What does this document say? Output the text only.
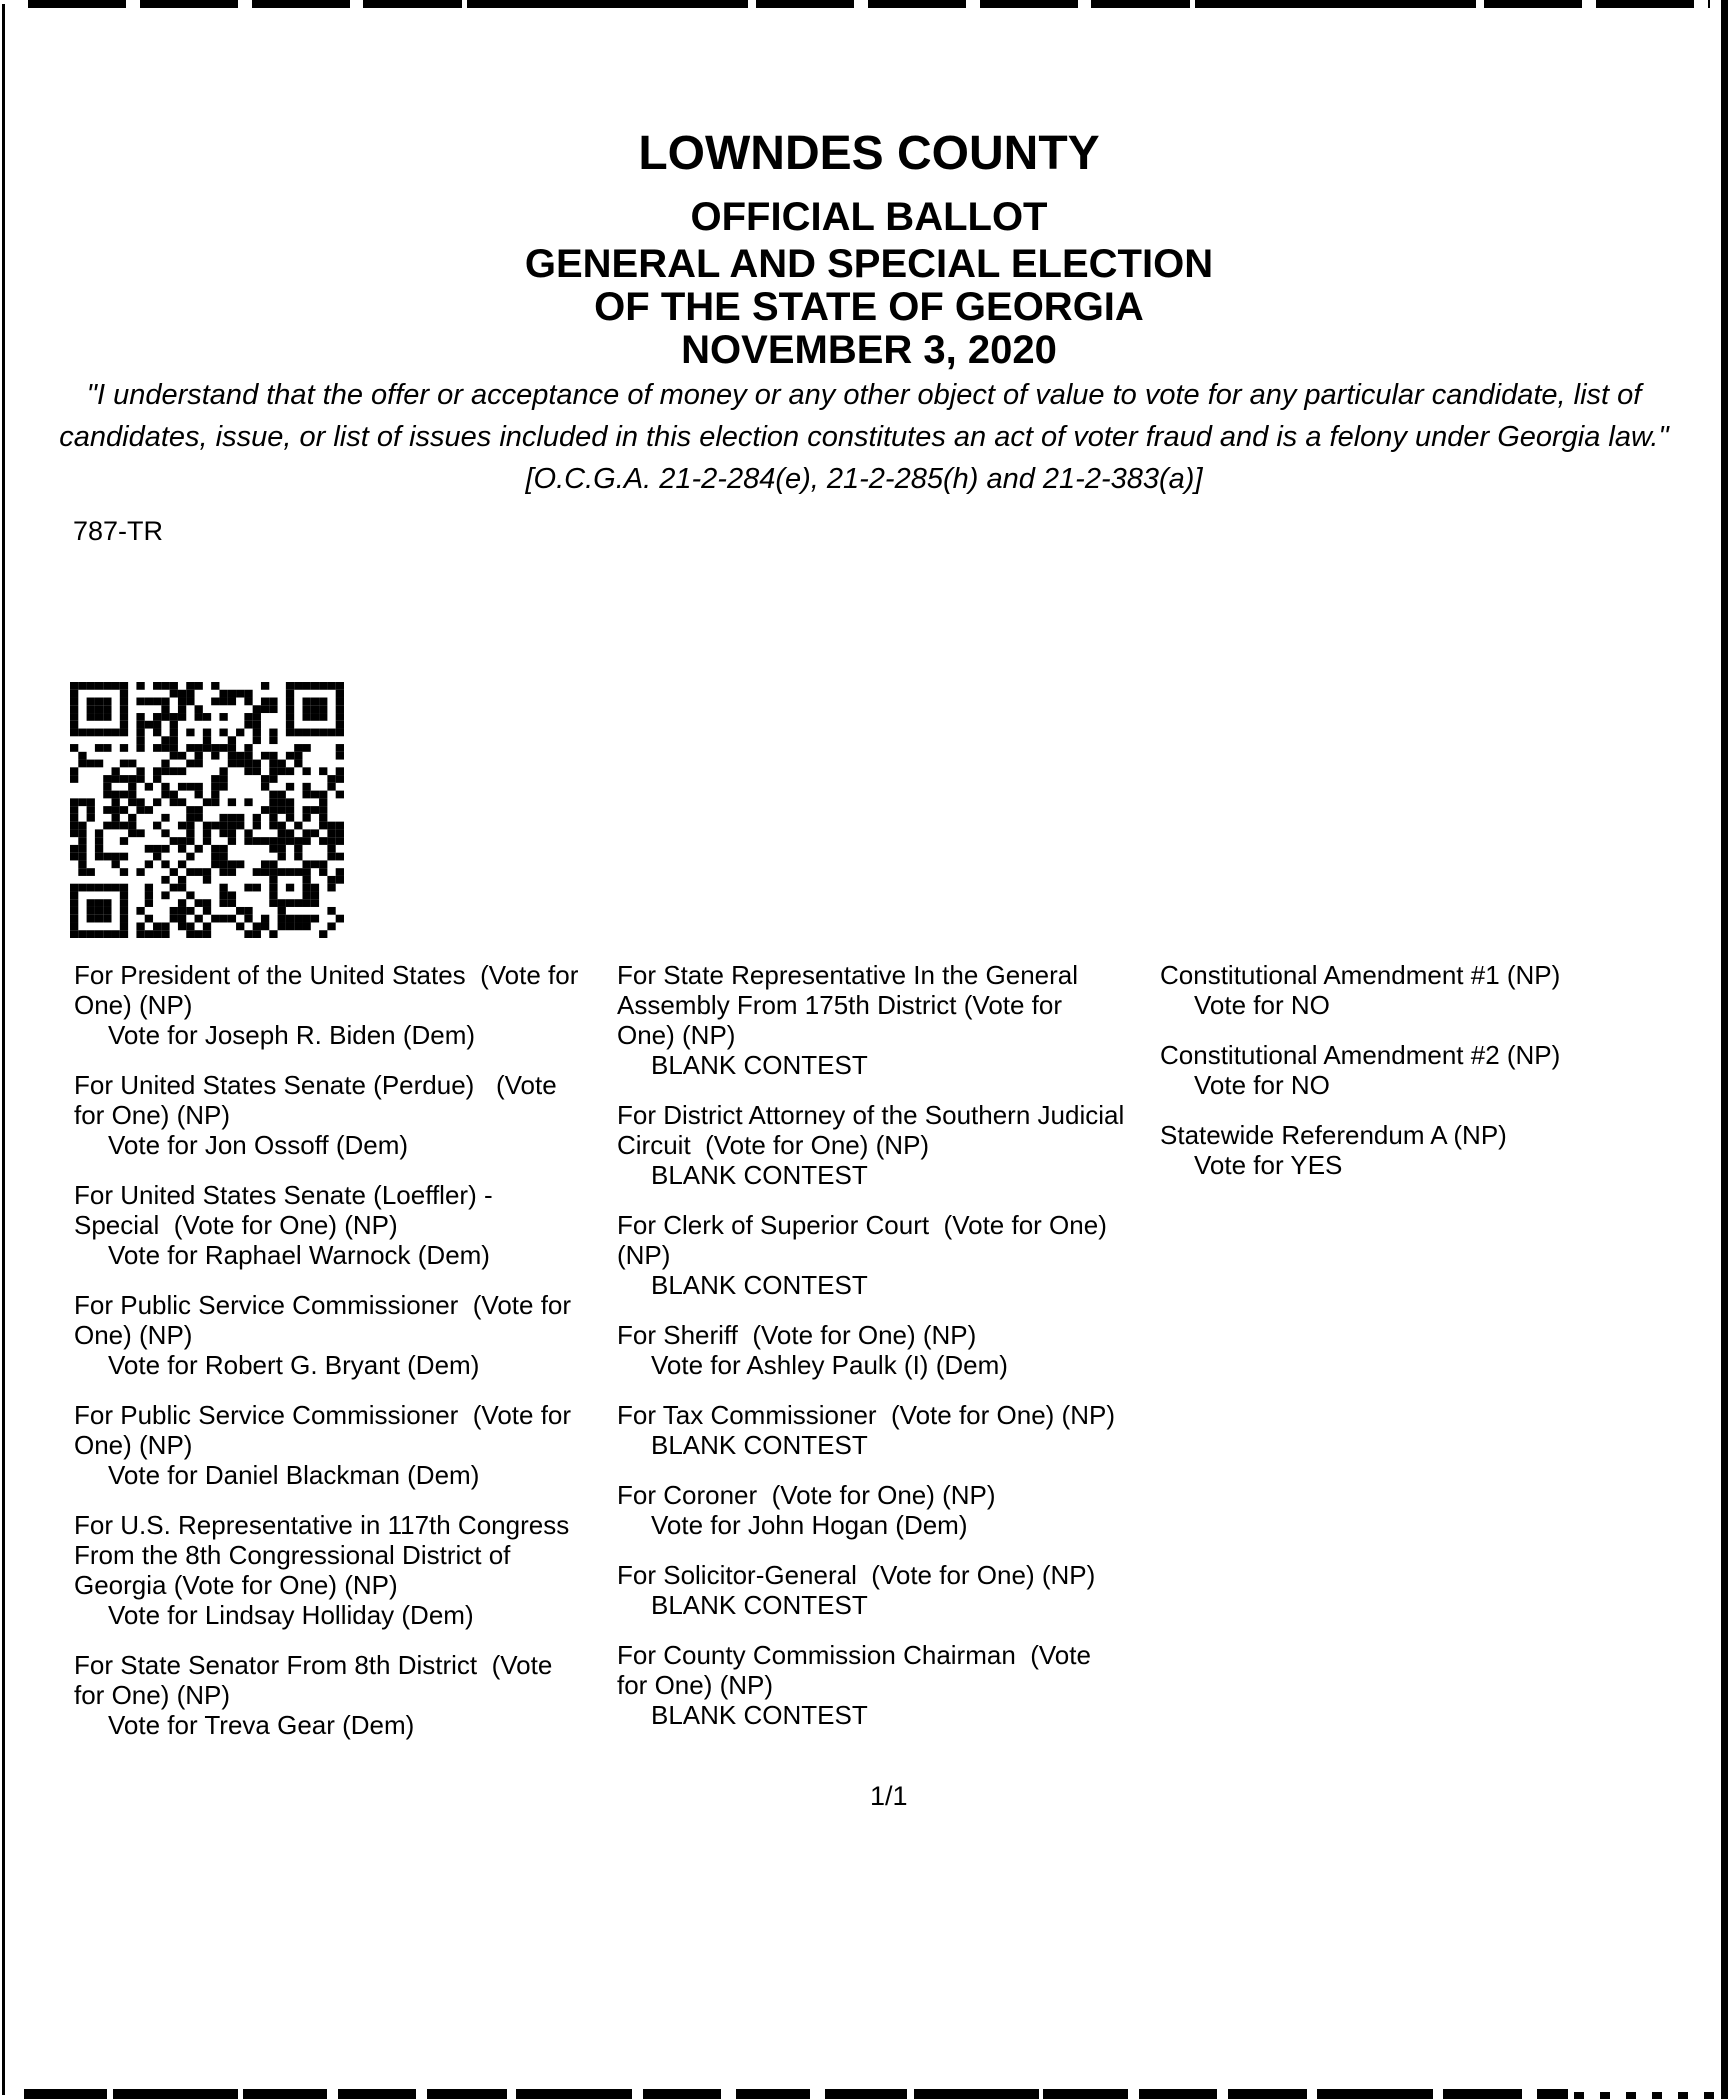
LOWNDES COUNTY
OFFICIAL BALLOT
GENERAL AND SPECIAL ELECTION
OF THE STATE OF GEORGIA
NOVEMBER 3, 2020

"I understand that the offer or acceptance of money or any other object of value to vote for any particular candidate, list of candidates, issue, or list of issues included in this election constitutes an act of voter fraud and is a felony under Georgia law." [O.C.G.A. 21-2-284(e), 21-2-285(h) and 21-2-383(a)]

787-TR
For President of the United States  (Vote for One) (NP)
Vote for Joseph R. Biden (Dem)
For United States Senate (Perdue)   (Vote for One) (NP)
Vote for Jon Ossoff (Dem)
For United States Senate (Loeffler) - Special  (Vote for One) (NP)
Vote for Raphael Warnock (Dem)
For Public Service Commissioner  (Vote for One) (NP)
Vote for Robert G. Bryant (Dem)
For Public Service Commissioner  (Vote for One) (NP)
Vote for Daniel Blackman (Dem)
For U.S. Representative in 117th Congress From the 8th Congressional District of Georgia (Vote for One) (NP)
Vote for Lindsay Holliday (Dem)
For State Senator From 8th District  (Vote for One) (NP)
Vote for Treva Gear (Dem)
For State Representative In the General Assembly From 175th District (Vote for One) (NP)
BLANK CONTEST
For District Attorney of the Southern Judicial Circuit  (Vote for One) (NP)
BLANK CONTEST
For Clerk of Superior Court  (Vote for One) (NP)
BLANK CONTEST
For Sheriff  (Vote for One) (NP)
Vote for Ashley Paulk (I) (Dem)
For Tax Commissioner  (Vote for One) (NP)
BLANK CONTEST
For Coroner  (Vote for One) (NP)
Vote for John Hogan (Dem)
For Solicitor-General  (Vote for One) (NP)
BLANK CONTEST
For County Commission Chairman  (Vote for One) (NP)
BLANK CONTEST
Constitutional Amendment #1 (NP)
Vote for NO
Constitutional Amendment #2 (NP)
Vote for NO
Statewide Referendum A (NP)
Vote for YES
1/1
